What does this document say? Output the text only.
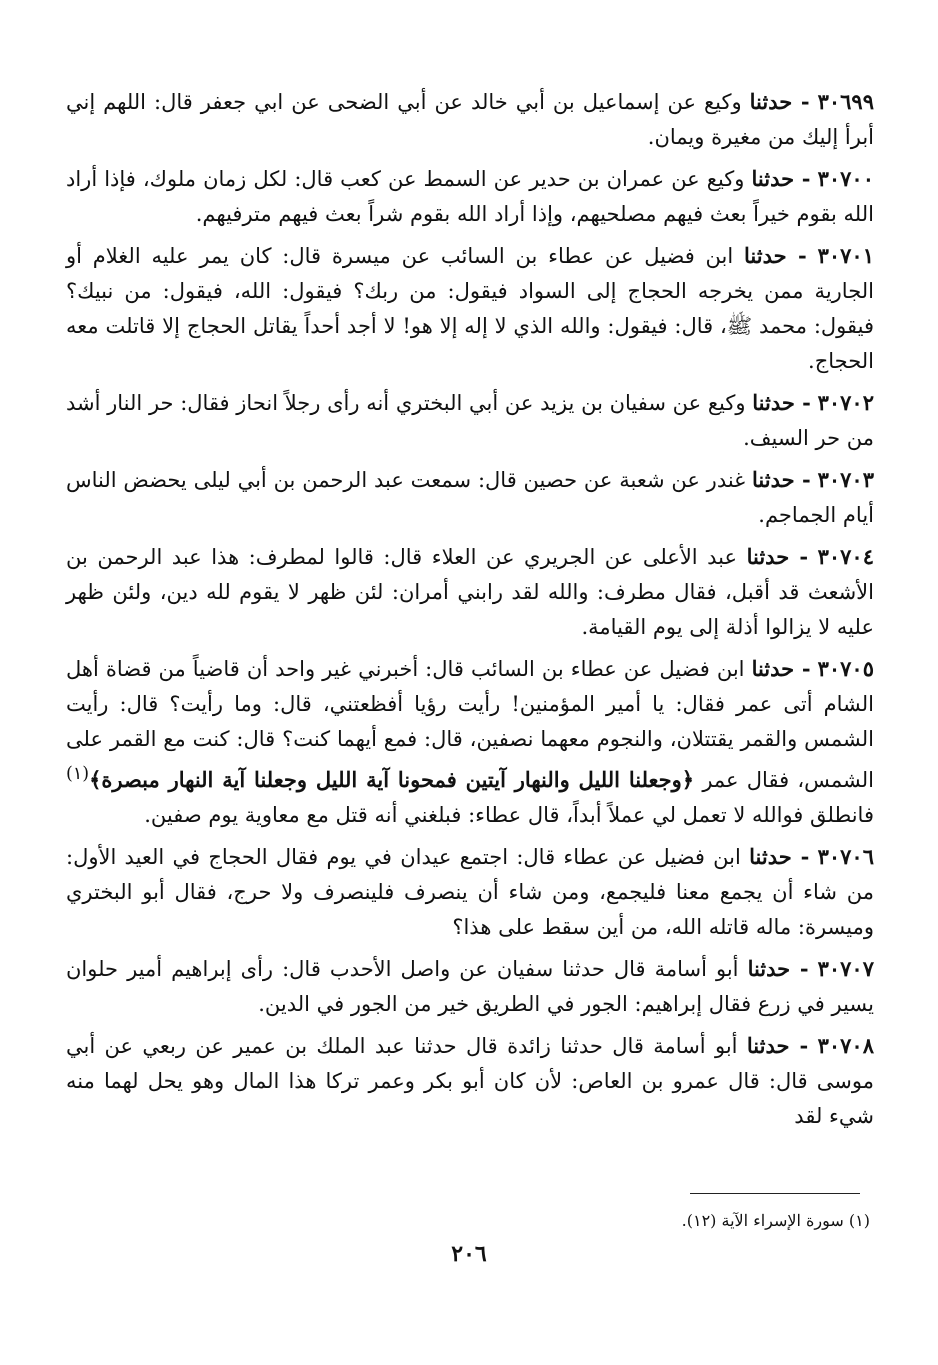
٣٠٦٩٩ - حدثنا وكيع عن إسماعيل بن أبي خالد عن أبي الضحى عن ابي جعفر قال: اللهم إني أبرأ إليك من مغيرة ويمان.

٣٠٧٠٠ - حدثنا وكيع عن عمران بن حدير عن السمط عن كعب قال: لكل زمان ملوك، فإذا أراد الله بقوم خيراً بعث فيهم مصلحيهم، وإذا أراد الله بقوم شراً بعث فيهم مترفيهم.

٣٠٧٠١ - حدثنا ابن فضيل عن عطاء بن السائب عن ميسرة قال: كان يمر عليه الغلام أو الجارية ممن يخرجه الحجاج إلى السواد فيقول: من ربك؟ فيقول: الله، فيقول: من نبيك؟ فيقول: محمد ﷺ، قال: فيقول: والله الذي لا إله إلا هو! لا أجد أحداً يقاتل الحجاج إلا قاتلت معه الحجاج.

٣٠٧٠٢ - حدثنا وكيع عن سفيان بن يزيد عن أبي البختري أنه رأى رجلاً انحاز فقال: حر النار أشد من حر السيف.

٣٠٧٠٣ - حدثنا غندر عن شعبة عن حصين قال: سمعت عبد الرحمن بن أبي ليلى يحضض الناس أيام الجماجم.

٣٠٧٠٤ - حدثنا عبد الأعلى عن الجريري عن العلاء قال: قالوا لمطرف: هذا عبد الرحمن بن الأشعث قد أقبل، فقال مطرف: والله لقد رابني أمران: لئن ظهر لا يقوم لله دين، ولئن ظهر عليه لا يزالوا أذلة إلى يوم القيامة.

٣٠٧٠٥ - حدثنا ابن فضيل عن عطاء بن السائب قال: أخبرني غير واحد أن قاضياً من قضاة أهل الشام أتى عمر فقال: يا أمير المؤمنين! رأيت رؤيا أفظعتني، قال: وما رأيت؟ قال: رأيت الشمس والقمر يقتتلان، والنجوم معهما نصفين، قال: فمع أيهما كنت؟ قال: كنت مع القمر على الشمس، فقال عمر ﴿وجعلنا الليل والنهار آيتين فمحونا آية الليل وجعلنا آية النهار مبصرة﴾$^{(١)}$ فانطلق فوالله لا تعمل لي عملاً أبداً، قال عطاء: فبلغني أنه قتل مع معاوية يوم صفين.

٣٠٧٠٦ - حدثنا ابن فضيل عن عطاء قال: اجتمع عيدان في يوم فقال الحجاج في العيد الأول: من شاء أن يجمع معنا فليجمع، ومن شاء أن ينصرف فلينصرف ولا حرج، فقال أبو البختري وميسرة: ماله قاتله الله، من أين سقط على هذا؟

٣٠٧٠٧ - حدثنا أبو أسامة قال حدثنا سفيان عن واصل الأحدب قال: رأى إبراهيم أمير حلوان يسير في زرع فقال إبراهيم: الجور في الطريق خير من الجور في الدين.

٣٠٧٠٨ - حدثنا أبو أسامة قال حدثنا زائدة قال حدثنا عبد الملك بن عمير عن ربعي عن أبي موسى قال: قال عمرو بن العاص: لأن كان أبو بكر وعمر تركا هذا المال وهو يحل لهما منه شيء لقد

(١) سورة الإسراء الآية (١٢).
٢٠٦
